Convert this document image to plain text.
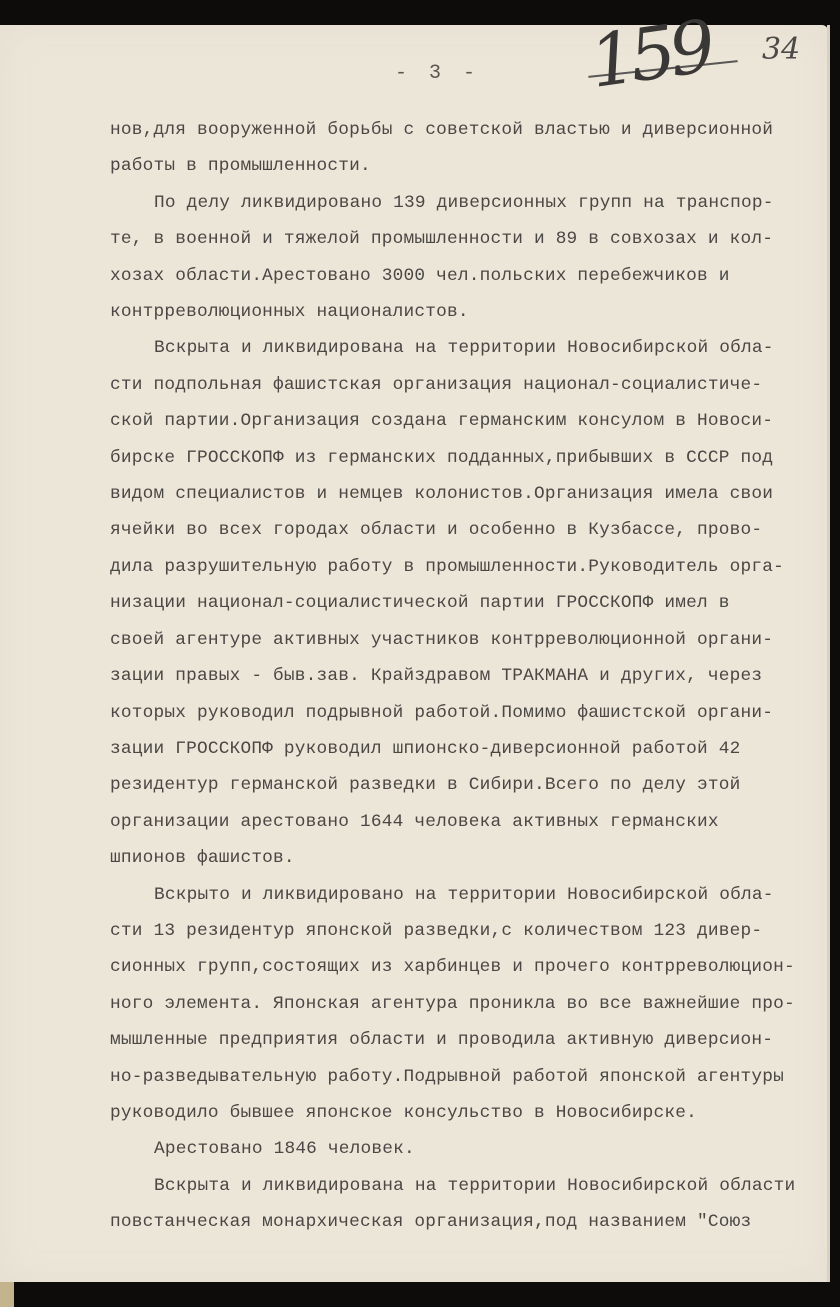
- 3 - 159 34
нов,для вооруженной борьбы с советской властью и диверсионной
работы в промышленности.
По делу ликвидировано 139 диверсионных групп на транспор-
те, в военной и тяжелой промышленности и 89 в совхозах и кол-
хозах области.Арестовано 3000 чел.польских перебежчиков и
контрреволюционных националистов.
Вскрыта и ликвидирована на территории Новосибирской обла-
сти подпольная фашистская организация национал-социалистиче-
ской партии.Организация создана германским консулом в Новоси-
бирске ГРОССКОПФ из германских подданных,прибывших в СССР под
видом специалистов и немцев колонистов.Организация имела свои
ячейки во всех городах области и особенно в Кузбассе, прово-
дила разрушительную работу в промышленности.Руководитель орга-
низации национал-социалистической партии ГРОССКОПФ имел в
своей агентуре активных участников контрреволюционной органи-
зации правых - быв.зав. Крайздравом ТРАКМАНА и других, через
которых руководил подрывной работой.Помимо фашистской органи-
зации ГРОССКОПФ руководил шпионско-диверсионной работой 42
резидентур германской разведки в Сибири.Всего по делу этой
организации арестовано 1644 человека активных германских
шпионов фашистов.
Вскрыто и ликвидировано на территории Новосибирской обла-
сти 13 резидентур японской разведки,с количеством 123 дивер-
сионных групп,состоящих из харбинцев и прочего контрреволюцион-
ного элемента. Японская агентура проникла во все важнейшие про-
мышленные предприятия области и проводила активную диверсион-
но-разведывательную работу.Подрывной работой японской агентуры
руководило бывшее японское консульство в Новосибирске.
Арестовано 1846 человек.
Вскрыта и ликвидирована на территории Новосибирской области
повстанческая монархическая организация,под названием "Союз
